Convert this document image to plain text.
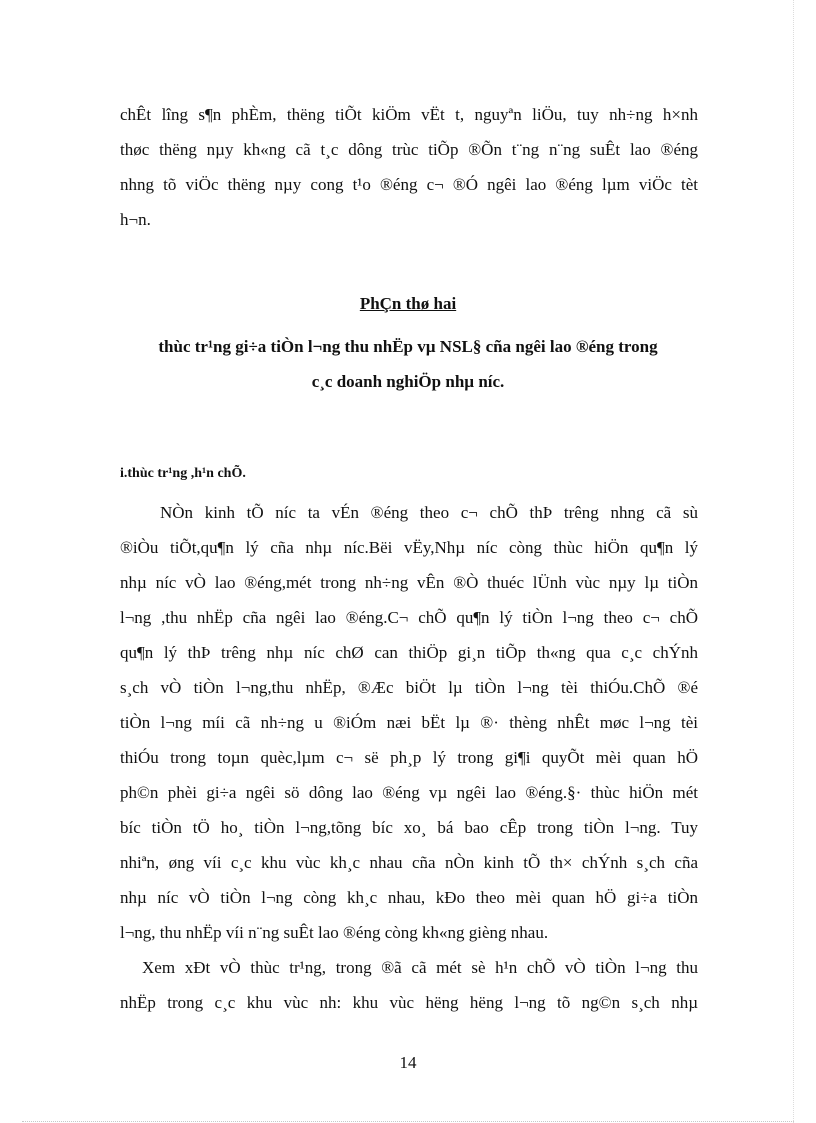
chÊt lîng s¶n phÈm, thëng tiÕt kiÖm vËt t, nguyªn liÖu, tuy nh÷ng h×nh
thøc thëng nµy kh«ng cã t¸c dông trùc tiÕp ®Õn t¨ng n¨ng suÊt lao ®éng
nhng tõ viÖc thëng nµy cong t¹o ®éng c¬ ®Ó ngêi lao ®éng lµm viÖc tèt
h¬n.
PhÇn thø hai
thùc tr¹ng gi÷a tiÒn l¬ng thu nhËp vµ NSL§ cña ngêi lao ®éng trong
c¸c doanh nghiÖp nhµ níc.
i.thùc tr¹ng ,h¹n chÕ.
NÒn kinh tÕ níc ta vÉn ®éng theo c¬ chÕ thÞ trêng nhng cã sù
®iÒu tiÕt,qu¶n lý cña nhµ níc.Bëi vËy,Nhµ níc còng thùc hiÖn qu¶n lý
nhµ níc vÒ lao ®éng,mét trong nh÷ng vÊn ®Ò thuéc lÜnh vùc nµy lµ tiÒn
l¬ng ,thu nhËp cña ngêi lao ®éng.C¬ chÕ qu¶n lý tiÒn l¬ng theo c¬ chÕ
qu¶n lý thÞ trêng nhµ níc chØ can thiÖp gi¸n tiÕp th«ng qua c¸c chÝnh
s¸ch vÒ tiÒn l¬ng,thu nhËp, ®Æc biÖt lµ tiÒn l¬ng tèi thiÓu.ChÕ ®é
tiÒn l¬ng míi cã nh÷ng u ®iÓm næi bËt lµ ®· thèng nhÊt møc l¬ng tèi
thiÓu trong toµn quèc,lµm c¬ së ph¸p lý trong gi¶i quyÕt mèi quan hÖ
ph©n phèi gi÷a ngêi sö dông lao ®éng vµ ngêi lao ®éng.§· thùc hiÖn mét
bíc tiÒn tÖ ho¸ tiÒn l¬ng,tõng bíc xo¸ bá bao cÊp trong tiÒn l¬ng. Tuy
nhiªn, øng víi c¸c khu vùc kh¸c nhau cña nÒn kinh tÕ th× chÝnh s¸ch cña
nhµ níc vÒ tiÒn l¬ng còng kh¸c nhau, kÐo theo mèi quan hÖ gi÷a tiÒn
l¬ng, thu nhËp víi n¨ng suÊt lao ®éng còng kh«ng gièng nhau.
Xem xÐt vÒ thùc tr¹ng, trong ®ã cã mét sè h¹n chÕ vÒ tiÒn l¬ng thu
nhËp trong c¸c khu vùc nh: khu vùc hëng hëng l¬ng tõ ng©n s¸ch nhµ
14
